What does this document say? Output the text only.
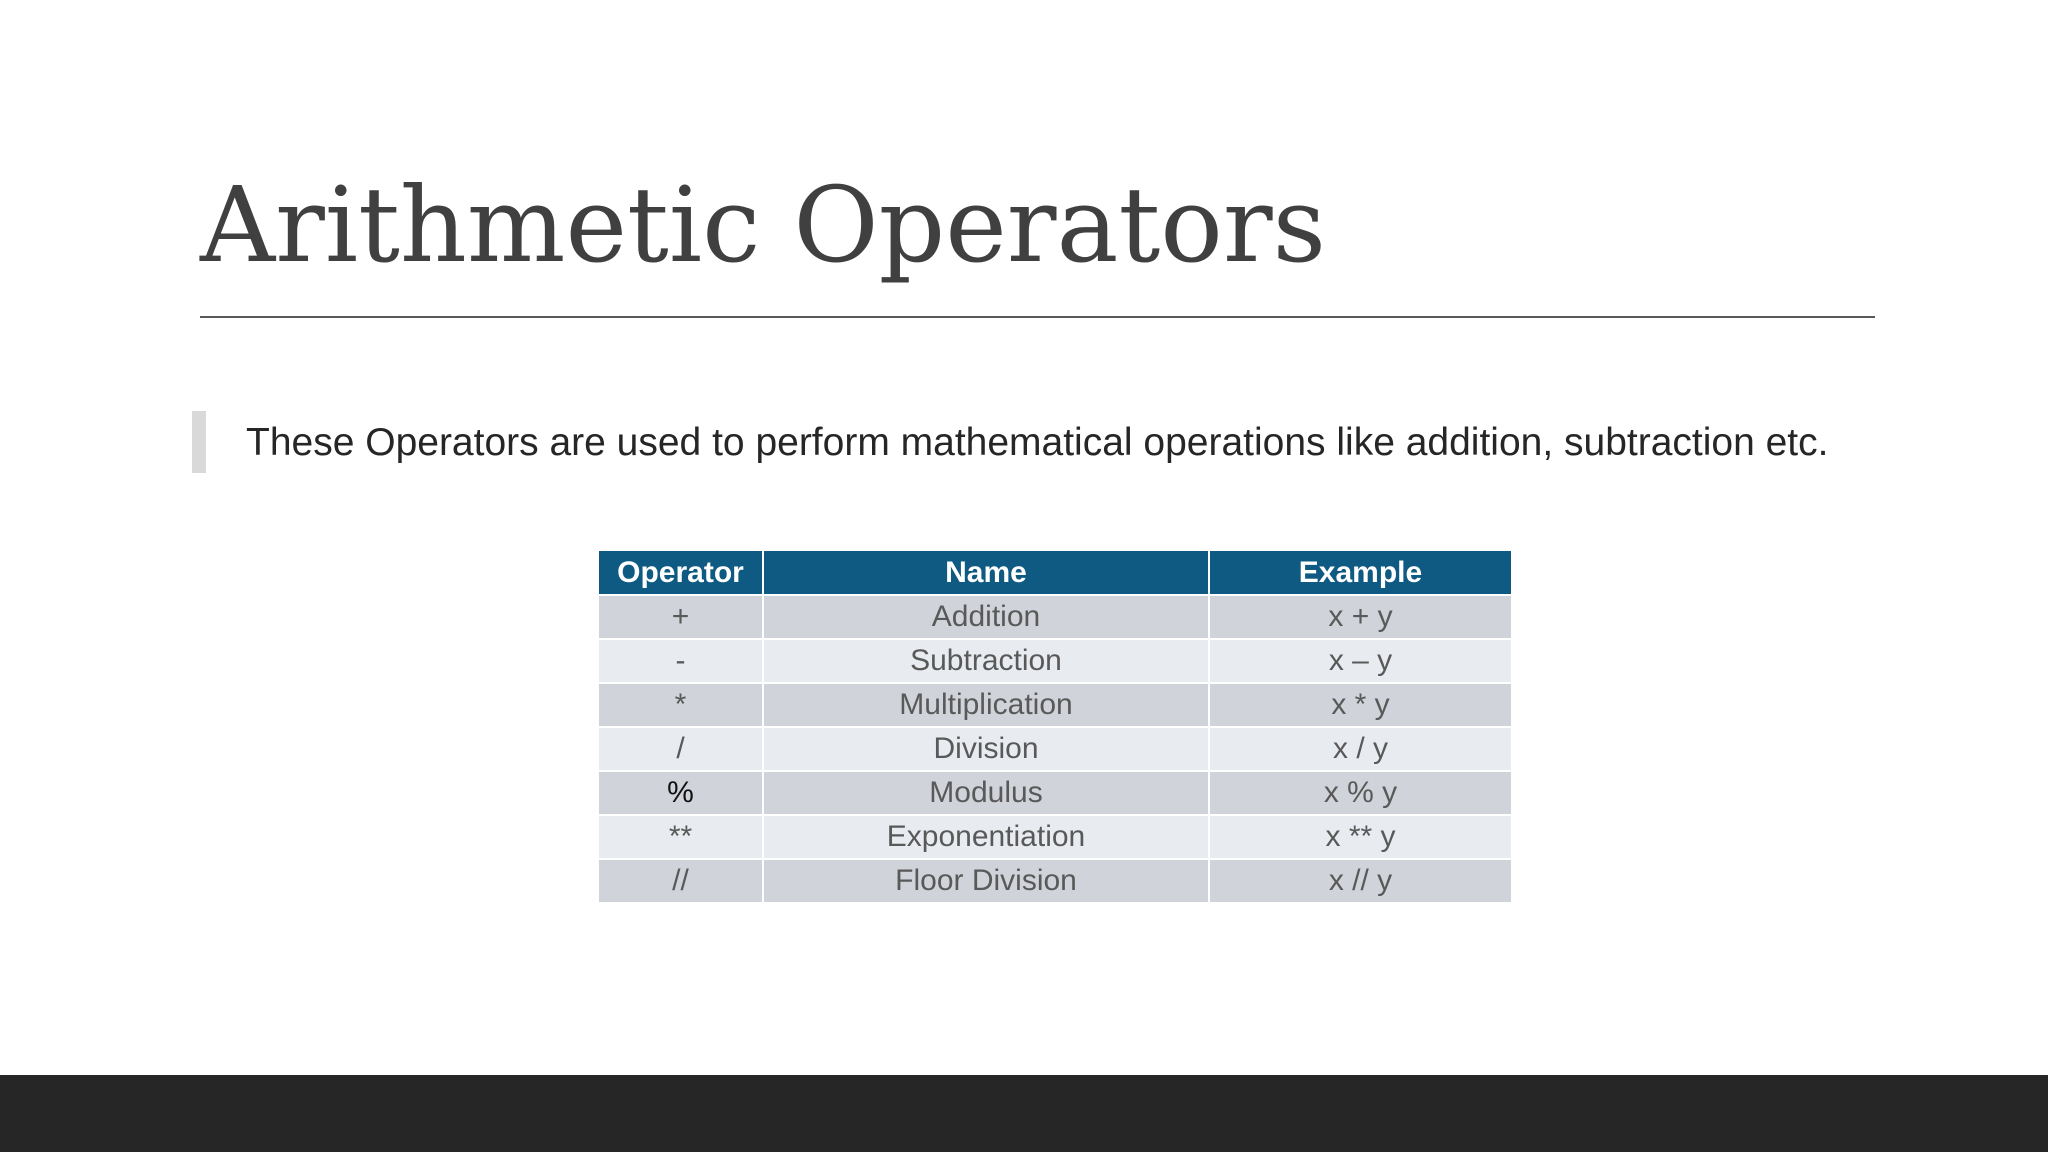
Arithmetic Operators

These Operators are used to perform mathematical operations like addition, subtraction etc.

Operator	Name	Example
+	Addition	x + y
-	Subtraction	x – y
*	Multiplication	x * y
/	Division	x / y
%	Modulus	x % y
**	Exponentiation	x ** y
//	Floor Division	x // y
